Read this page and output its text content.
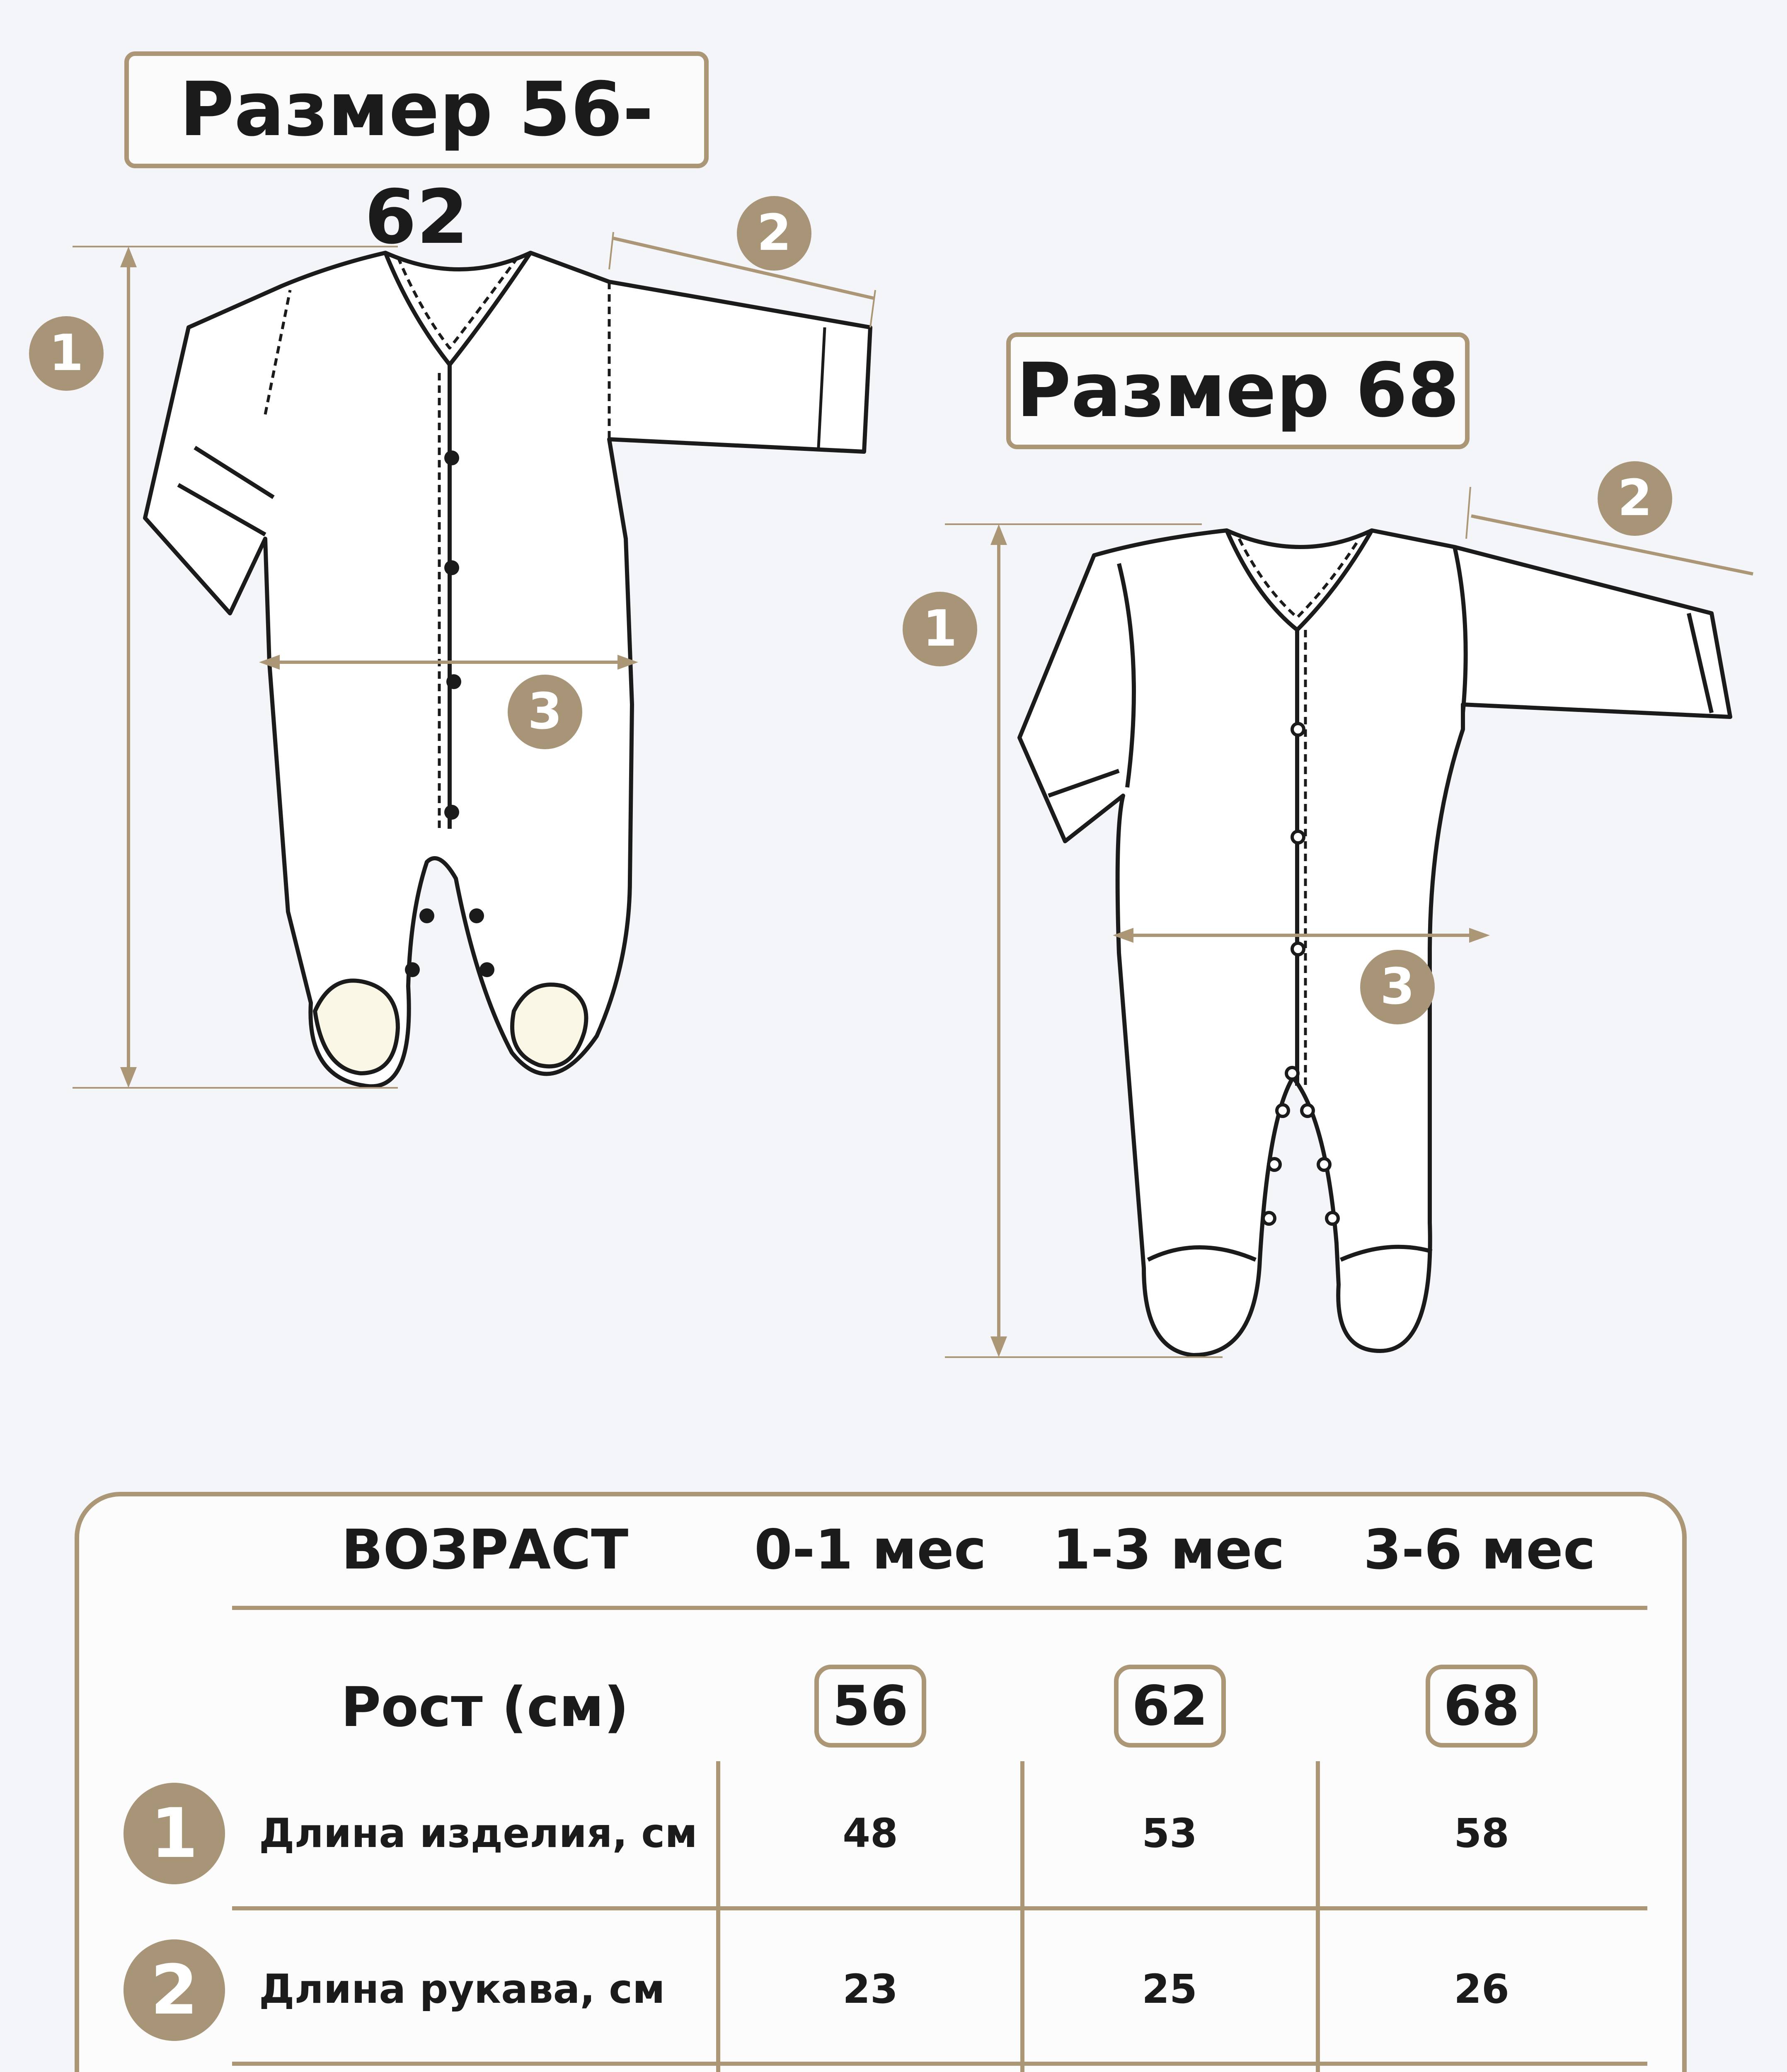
Размер 56-62
Размер 68
1
2
3
1
2
3
ВОЗРАСТ	0-1 мес	1-3 мес	3-6 мес
Рост (см)	56	62	68
1	Длина изделия, см	48	53	58
2	Длина рукава, см	23	25	26
